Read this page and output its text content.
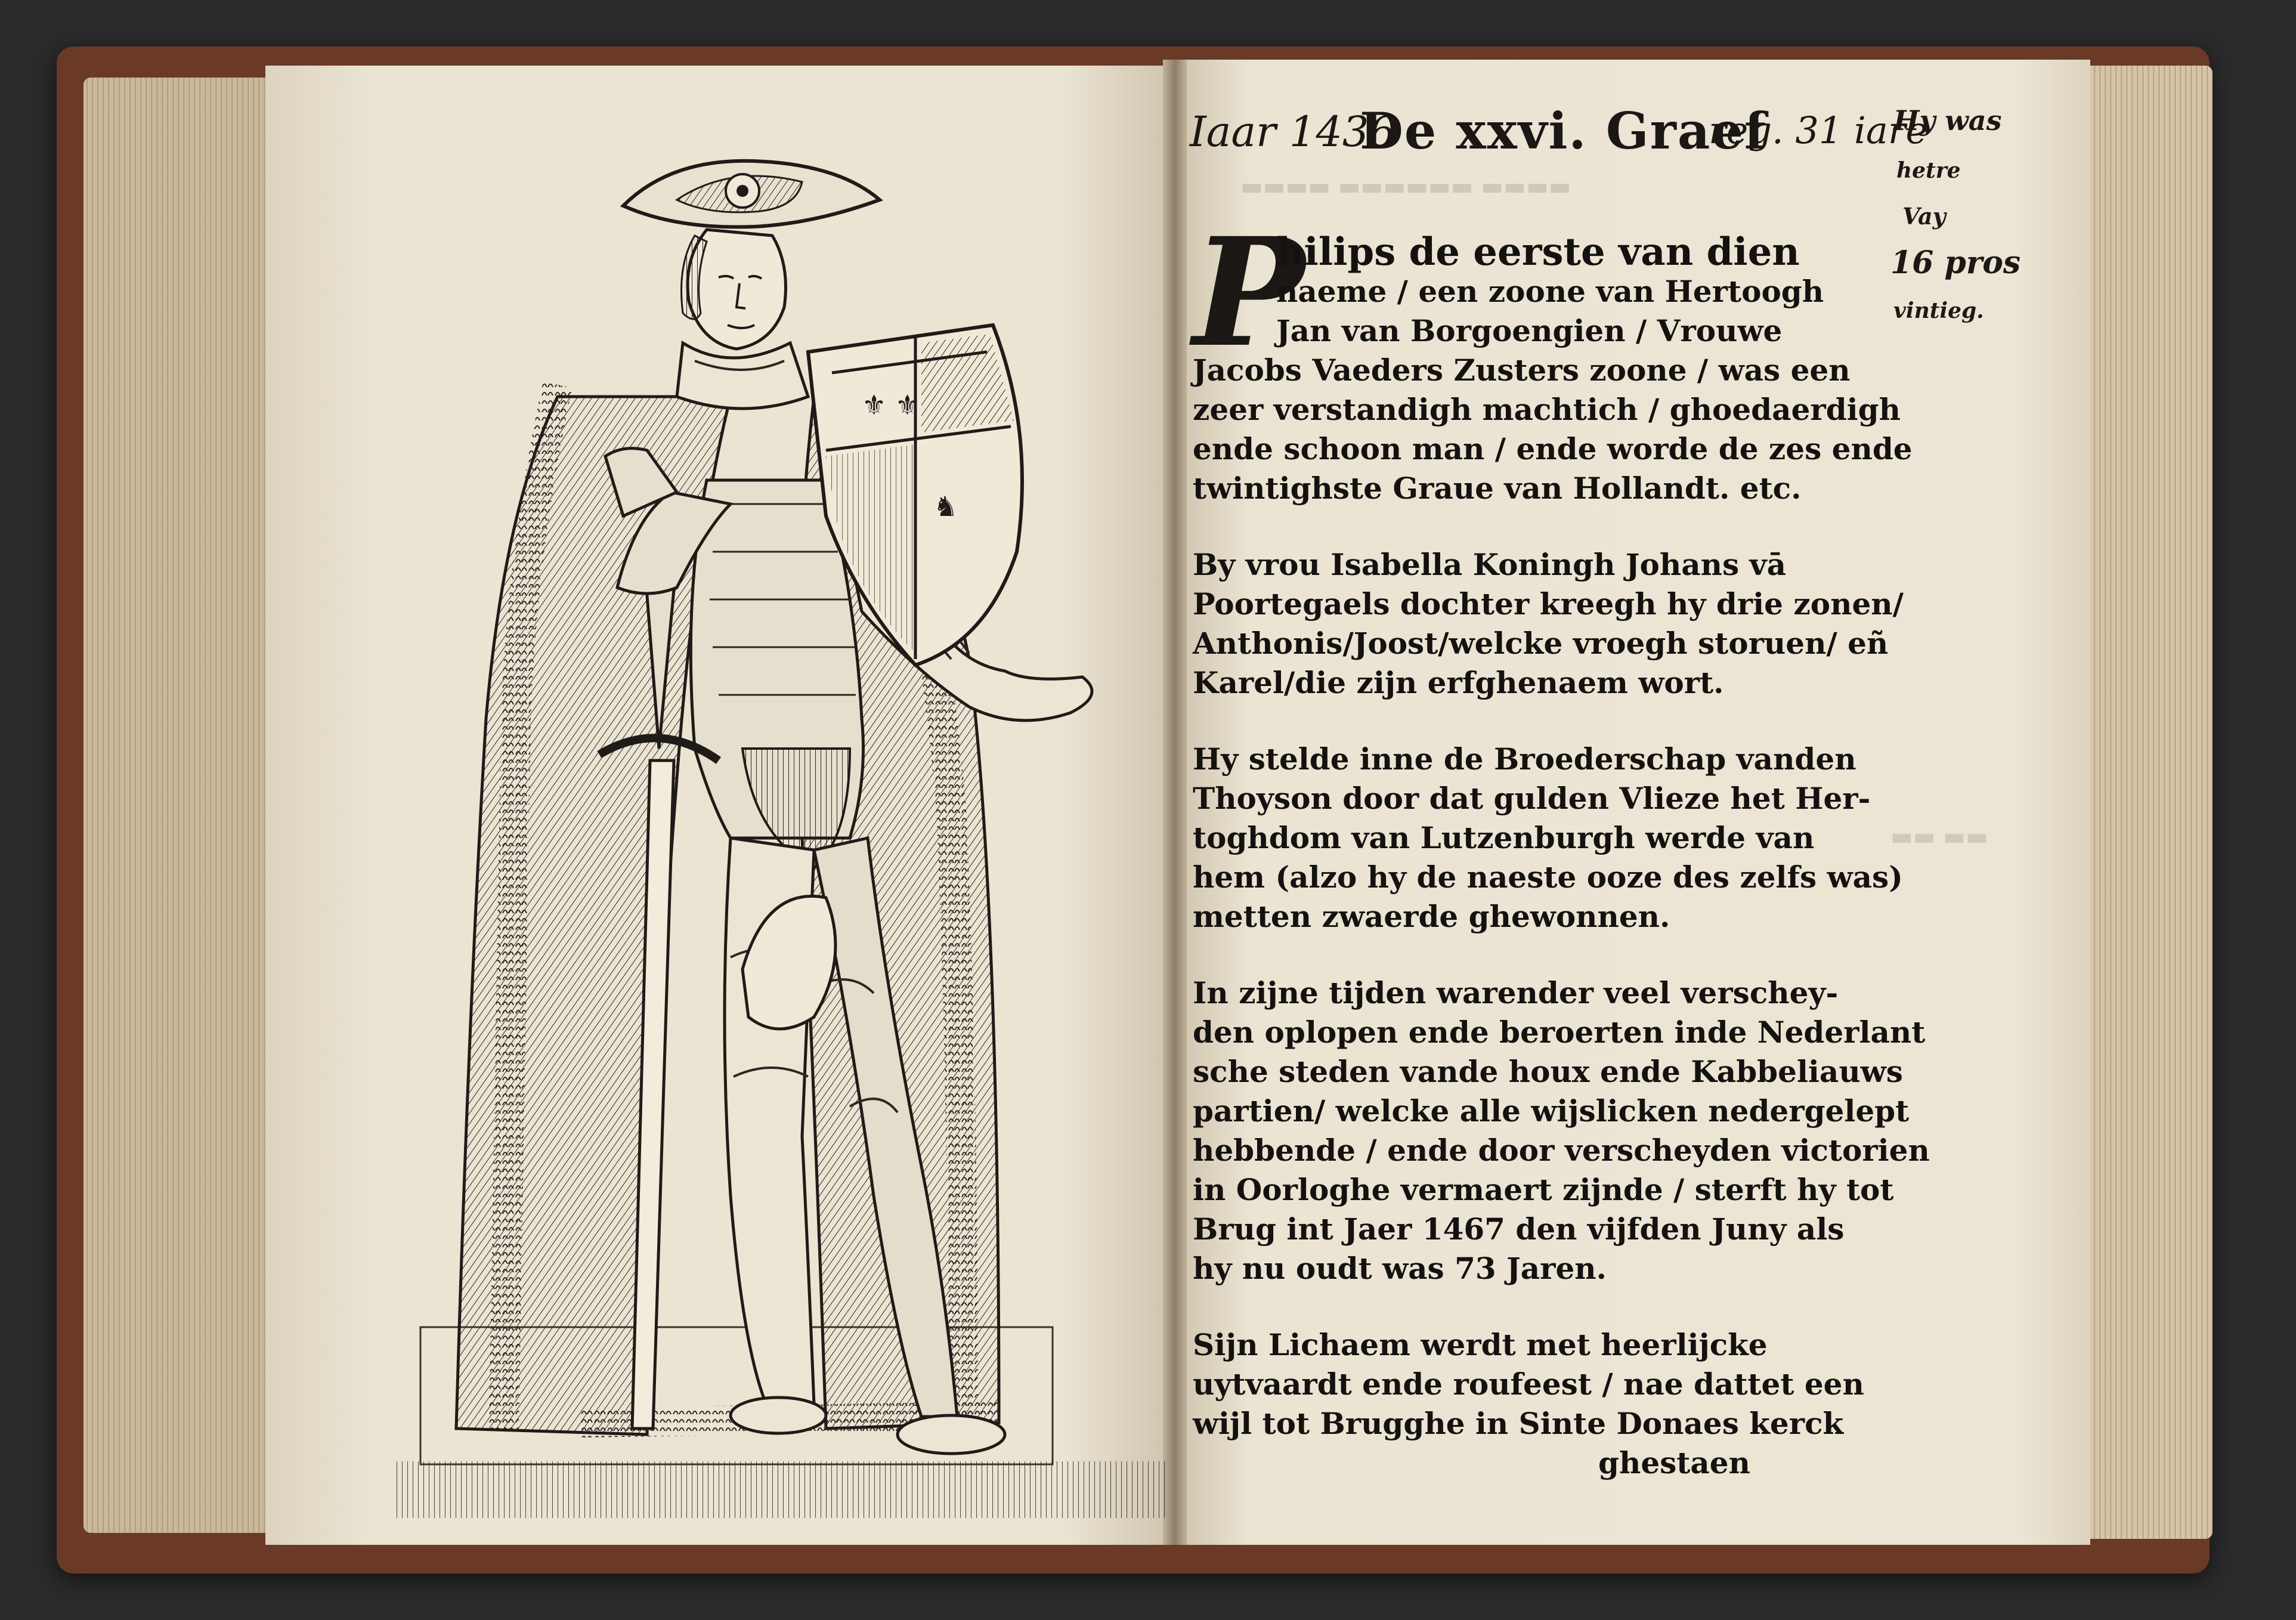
▬▬▬▬ ▬▬▬▬▬▬ ▬▬▬▬
▬▬ ▬▬
⚜ ⚜
♞
Iaar 1436
De xxvi. Graef
reg. 31 iare
Hy was
hetre
Vay
16 pros
vintieg.
P
hilips de eerste van dien
naeme / een zoone van Hertoogh
Jan van Borgoengien / Vrouwe
Jacobs Vaeders Zusters zoone / was een
zeer verstandigh machtich / ghoedaerdigh
ende schoon man / ende worde de zes ende
twintighste Graue van Hollandt. etc.
By vrou Isabella Koningh Johans vā
Poortegaels dochter kreegh hy drie zonen/
Anthonis/Joost/welcke vroegh storuen/ eñ
Karel/die zijn erfghenaem wort.
Hy stelde inne de Broederschap vanden
Thoyson door dat gulden Vlieze het Her-
toghdom van Lutzenburgh werde van
hem (alzo hy de naeste ooze des zelfs was)
metten zwaerde ghewonnen.
In zijne tijden warender veel verschey-
den oplopen ende beroerten inde Nederlant
sche steden vande houx ende Kabbeliauws
partien/ welcke alle wijslicken nedergelept
hebbende / ende door verscheyden victorien
in Oorloghe vermaert zijnde / sterft hy tot
Brug int Jaer 1467 den vijfden Juny als
hy nu oudt was 73 Jaren.
Sijn Lichaem werdt met heerlijcke
uytvaardt ende roufeest / nae dattet een
wijl tot Brugghe in Sinte Donaes kerck
ghestaen
